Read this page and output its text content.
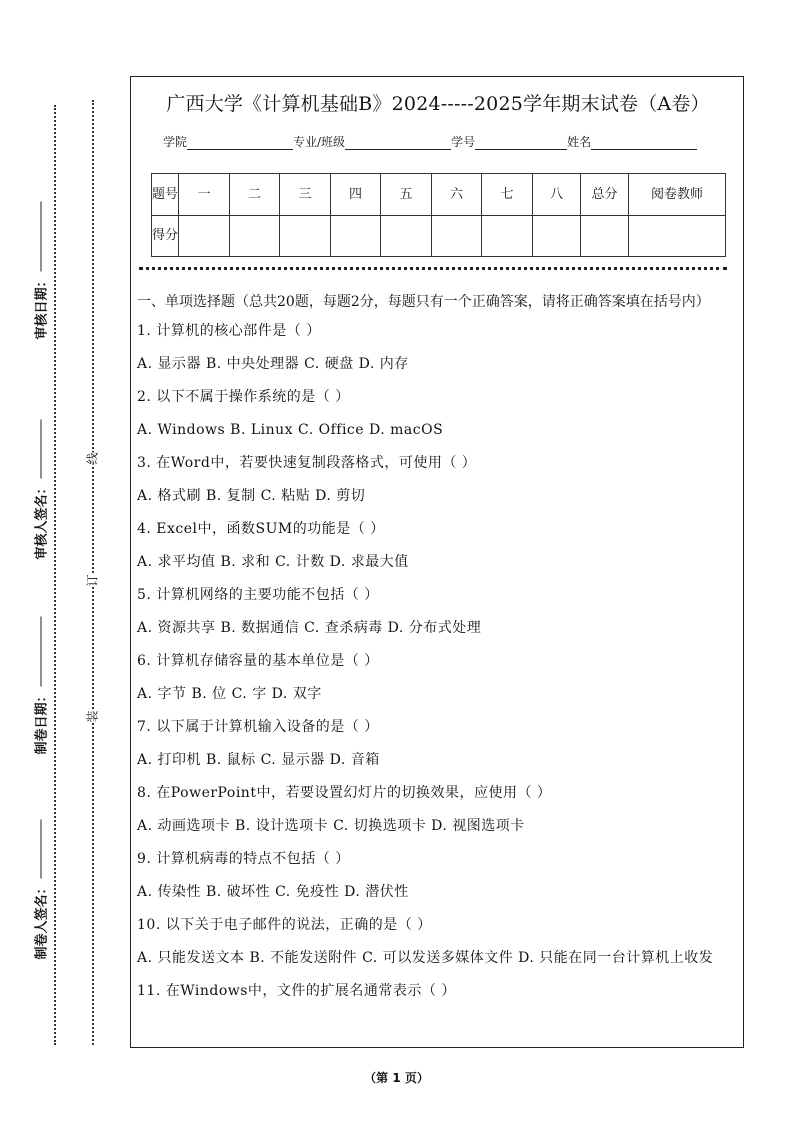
审核日期：
审核人签名：
制卷日期：
制卷人签名：
线
订
装
广西大学《计算机基础B》2024-----2025学年期末试卷（A卷）
学院	专业/班级	学号	姓名
题号	一	二	三	四	五	六	七	八	总分	阅卷教师
得分										

一、单项选择题（总共20题，每题2分，每题只有一个正确答案，请将正确答案填在括号内）

1. 计算机的核心部件是（ ）

A. 显示器 B. 中央处理器 C. 硬盘 D. 内存

2. 以下不属于操作系统的是（ ）

A. Windows B. Linux C. Office D. macOS

3. 在Word中，若要快速复制段落格式，可使用（ ）

A. 格式刷 B. 复制 C. 粘贴 D. 剪切

4. Excel中，函数SUM的功能是（ ）

A. 求平均值 B. 求和 C. 计数 D. 求最大值

5. 计算机网络的主要功能不包括（ ）

A. 资源共享 B. 数据通信 C. 查杀病毒 D. 分布式处理

6. 计算机存储容量的基本单位是（ ）

A. 字节 B. 位 C. 字 D. 双字

7. 以下属于计算机输入设备的是（ ）

A. 打印机 B. 鼠标 C. 显示器 D. 音箱

8. 在PowerPoint中，若要设置幻灯片的切换效果，应使用（ ）

A. 动画选项卡 B. 设计选项卡 C. 切换选项卡 D. 视图选项卡

9. 计算机病毒的特点不包括（ ）

A. 传染性 B. 破坏性 C. 免疫性 D. 潜伏性

10. 以下关于电子邮件的说法，正确的是（ ）

A. 只能发送文本 B. 不能发送附件 C. 可以发送多媒体文件 D. 只能在同一台计算机上收发

11. 在Windows中，文件的扩展名通常表示（ ）

（第 1 页）
